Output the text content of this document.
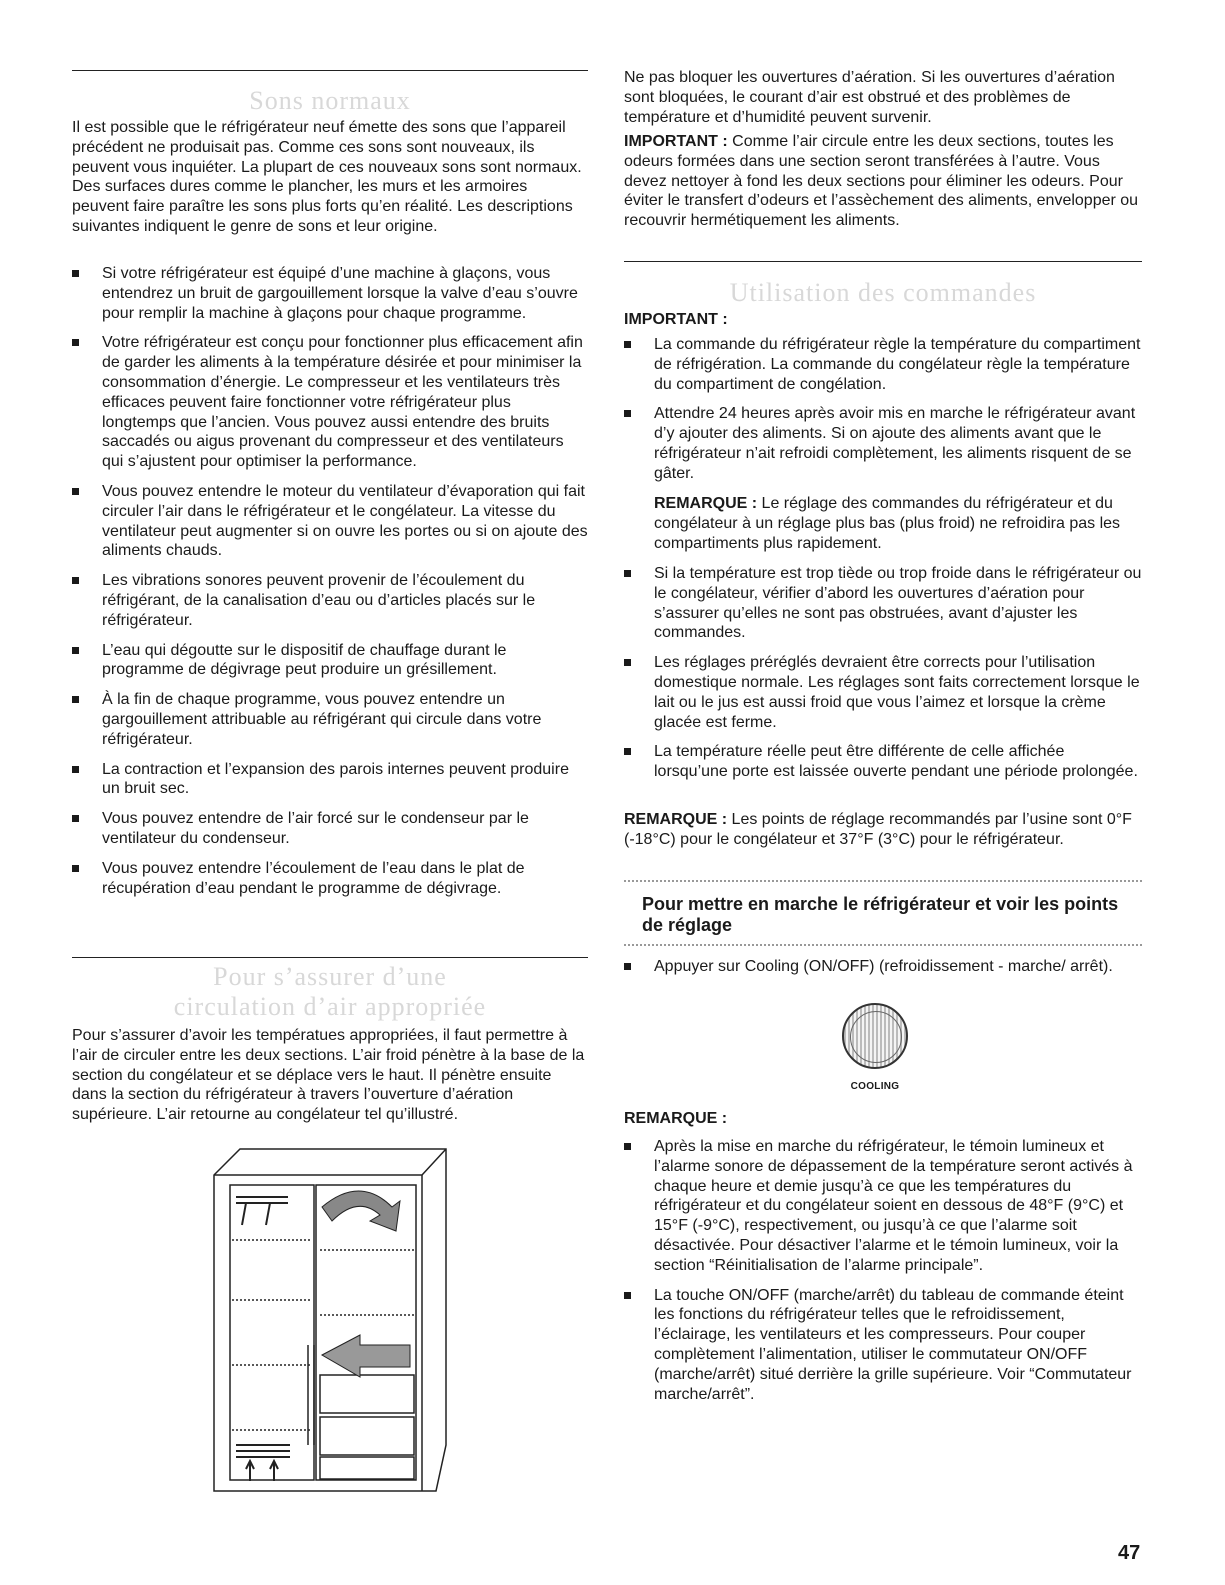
Sons normaux

Il est possible que le réfrigérateur neuf émette des sons que l’appareil précédent ne produisait pas. Comme ces sons sont nouveaux, ils peuvent vous inquiéter. La plupart de ces nouveaux sons sont normaux. Des surfaces dures comme le plancher, les murs et les armoires peuvent faire paraître les sons plus forts qu’en réalité. Les descriptions suivantes indiquent le genre de sons et leur origine.

Si votre réfrigérateur est équipé d’une machine à glaçons, vous entendrez un bruit de gargouillement lorsque la valve d’eau s’ouvre pour remplir la machine à glaçons pour chaque programme.
Votre réfrigérateur est conçu pour fonctionner plus efficacement afin de garder les aliments à la température désirée et pour minimiser la consommation d’énergie. Le compresseur et les ventilateurs très efficaces peuvent faire fonctionner votre réfrigérateur plus longtemps que l’ancien. Vous pouvez aussi entendre des bruits saccadés ou aigus provenant du compresseur et des ventilateurs qui s’ajustent pour optimiser la performance.
Vous pouvez entendre le moteur du ventilateur d’évaporation qui fait circuler l’air dans le réfrigérateur et le congélateur. La vitesse du ventilateur peut augmenter si on ouvre les portes ou si on ajoute des aliments chauds.
Les vibrations sonores peuvent provenir de l’écoulement du réfrigérant, de la canalisation d’eau ou d’articles placés sur le réfrigérateur.
L’eau qui dégoutte sur le dispositif de chauffage durant le programme de dégivrage peut produire un grésillement.
À la fin de chaque programme, vous pouvez entendre un gargouillement attribuable au réfrigérant qui circule dans votre réfrigérateur.
La contraction et l’expansion des parois internes peuvent produire un bruit sec.
Vous pouvez entendre de l’air forcé sur le condenseur par le ventilateur du condenseur.
Vous pouvez entendre l’écoulement de l’eau dans le plat de récupération d’eau pendant le programme de dégivrage.
Pour s’assurer d’une
circulation d’air appropriée

Pour s’assurer d’avoir les températues appropriées, il faut permettre à l’air de circuler entre les deux sections. L’air froid pénètre à la base de la section du congélateur et se déplace vers le haut. Il pénètre ensuite dans la section du réfrigérateur à travers l’ouverture d’aération supérieure. L’air retourne au congélateur tel qu’illustré.

Ne pas bloquer les ouvertures d’aération. Si les ouvertures d’aération sont bloquées, le courant d’air est obstrué et des problèmes de température et d’humidité peuvent survenir.

IMPORTANT : Comme l’air circule entre les deux sections, toutes les odeurs formées dans une section seront transférées à l’autre. Vous devez nettoyer à fond les deux sections pour éliminer les odeurs. Pour éviter le transfert d’odeurs et l’assèchement des aliments, envelopper ou recouvrir hermétiquement les aliments.

Utilisation des commandes
IMPORTANT :
La commande du réfrigérateur règle la température du compartiment de réfrigération. La commande du congélateur règle la température du compartiment de congélation.
Attendre 24 heures après avoir mis en marche le réfrigérateur avant d’y ajouter des aliments. Si on ajoute des aliments avant que le réfrigérateur n’ait refroidi complètement, les aliments risquent de se gâter.

REMARQUE : Le réglage des commandes du réfrigérateur et du congélateur à un réglage plus bas (plus froid) ne refroidira pas les compartiments plus rapidement.

Si la température est trop tiède ou trop froide dans le réfrigérateur ou le congélateur, vérifier d’abord les ouvertures d’aération pour s’assurer qu’elles ne sont pas obstruées, avant d’ajuster les commandes.
Les réglages préréglés devraient être corrects pour l’utilisation domestique normale. Les réglages sont faits correctement lorsque le lait ou le jus est aussi froid que vous l’aimez et lorsque la crème glacée est ferme.
La température réelle peut être différente de celle affichée lorsqu’une porte est laissée ouverte pendant une période prolongée.

REMARQUE : Les points de réglage recommandés par l’usine sont 0°F (-18°C) pour le congélateur et 37°F (3°C) pour le réfrigérateur.

Pour mettre en marche le réfrigérateur et voir les points de réglage
Appuyer sur Cooling (ON/OFF) (refroidissement - marche/ arrêt).
COOLING
REMARQUE :
Après la mise en marche du réfrigérateur, le témoin lumineux et l’alarme sonore de dépassement de la température seront activés à chaque heure et demie jusqu’à ce que les températures du réfrigérateur et du congélateur soient en dessous de 48°F (9°C) et 15°F (-9°C), respectivement, ou jusqu’à ce que l’alarme soit désactivée. Pour désactiver l’alarme et le témoin lumineux, voir la section “Réinitialisation de l’alarme principale”.
La touche ON/OFF (marche/arrêt) du tableau de commande éteint les fonctions du réfrigérateur telles que le refroidissement, l’éclairage, les ventilateurs et les compresseurs. Pour couper complètement l’alimentation, utiliser le commutateur ON/OFF (marche/arrêt) situé derrière la grille supérieure. Voir “Commutateur marche/arrêt”.
47
